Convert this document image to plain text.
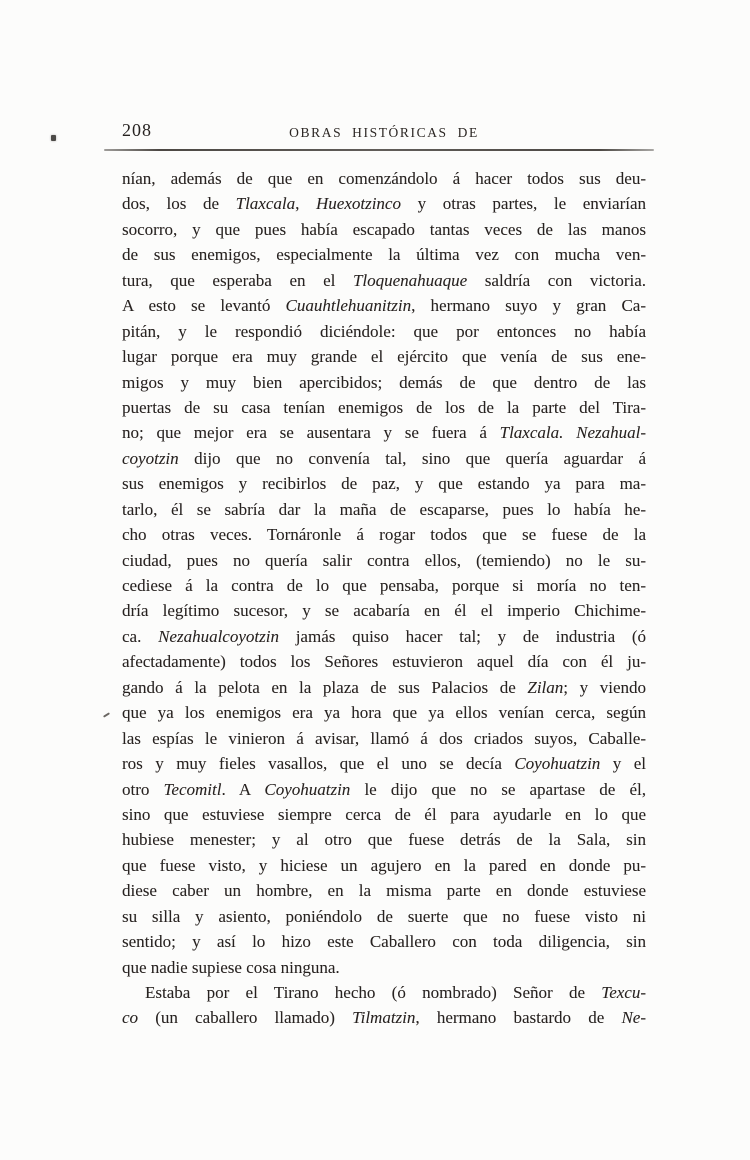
208	OBRAS HISTÓRICAS DE
nían, además de que en comenzándolo á hacer todos sus deu-
dos, los de Tlaxcala, Huexotzinco y otras partes, le enviarían
socorro, y que pues había escapado tantas veces de las manos
de sus enemigos, especialmente la última vez con mucha ven-
tura, que esperaba en el Tloquenahuaque saldría con victoria.
A esto se levantó Cuauhtlehuanitzin, hermano suyo y gran Ca-
pitán, y le respondió diciéndole: que por entonces no había
lugar porque era muy grande el ejército que venía de sus ene-
migos y muy bien apercibidos; demás de que dentro de las
puertas de su casa tenían enemigos de los de la parte del Tira-
no; que mejor era se ausentara y se fuera á Tlaxcala. Nezahual-
coyotzin dijo que no convenía tal, sino que quería aguardar á
sus enemigos y recibirlos de paz, y que estando ya para ma-
tarlo, él se sabría dar la maña de escaparse, pues lo había he-
cho otras veces. Tornáronle á rogar todos que se fuese de la
ciudad, pues no quería salir contra ellos, (temiendo) no le su-
cediese á la contra de lo que pensaba, porque si moría no ten-
dría legítimo sucesor, y se acabaría en él el imperio Chichime-
ca. Nezahualcoyotzin jamás quiso hacer tal; y de industria (ó
afectadamente) todos los Señores estuvieron aquel día con él ju-
gando á la pelota en la plaza de sus Palacios de Zilan; y viendo
que ya los enemigos era ya hora que ya ellos venían cerca, según
las espías le vinieron á avisar, llamó á dos criados suyos, Caballe-
ros y muy fieles vasallos, que el uno se decía Coyohuatzin y el
otro Tecomitl. A Coyohuatzin le dijo que no se apartase de él,
sino que estuviese siempre cerca de él para ayudarle en lo que
hubiese menester; y al otro que fuese detrás de la Sala, sin
que fuese visto, y hiciese un agujero en la pared en donde pu-
diese caber un hombre, en la misma parte en donde estuviese
su silla y asiento, poniéndolo de suerte que no fuese visto ni
sentido; y así lo hizo este Caballero con toda diligencia, sin
que nadie supiese cosa ninguna.
Estaba por el Tirano hecho (ó nombrado) Señor de Texcu-
co (un caballero llamado) Tilmatzin, hermano bastardo de Ne-
